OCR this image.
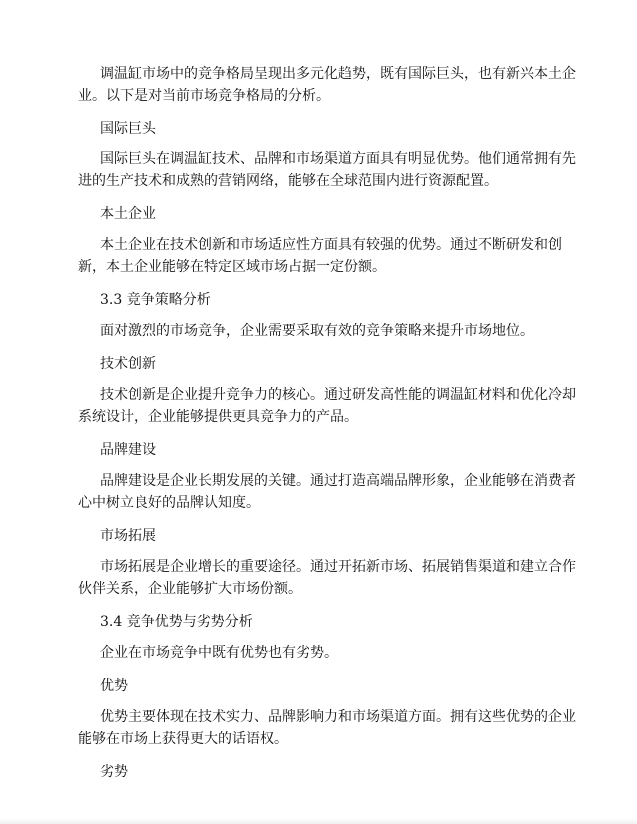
调温缸市场中的竞争格局呈现出多元化趋势，既有国际巨头，也有新兴本土企业。以下是对当前市场竞争格局的分析。
国际巨头
国际巨头在调温缸技术、品牌和市场渠道方面具有明显优势。他们通常拥有先进的生产技术和成熟的营销网络，能够在全球范围内进行资源配置。
本土企业
本土企业在技术创新和市场适应性方面具有较强的优势。通过不断研发和创新，本土企业能够在特定区域市场占据一定份额。
3.3 竞争策略分析
面对激烈的市场竞争，企业需要采取有效的竞争策略来提升市场地位。
技术创新
技术创新是企业提升竞争力的核心。通过研发高性能的调温缸材料和优化冷却系统设计，企业能够提供更具竞争力的产品。
品牌建设
品牌建设是企业长期发展的关键。通过打造高端品牌形象，企业能够在消费者心中树立良好的品牌认知度。
市场拓展
市场拓展是企业增长的重要途径。通过开拓新市场、拓展销售渠道和建立合作伙伴关系，企业能够扩大市场份额。
3.4 竞争优势与劣势分析
企业在市场竞争中既有优势也有劣势。
优势
优势主要体现在技术实力、品牌影响力和市场渠道方面。拥有这些优势的企业能够在市场上获得更大的话语权。
劣势
